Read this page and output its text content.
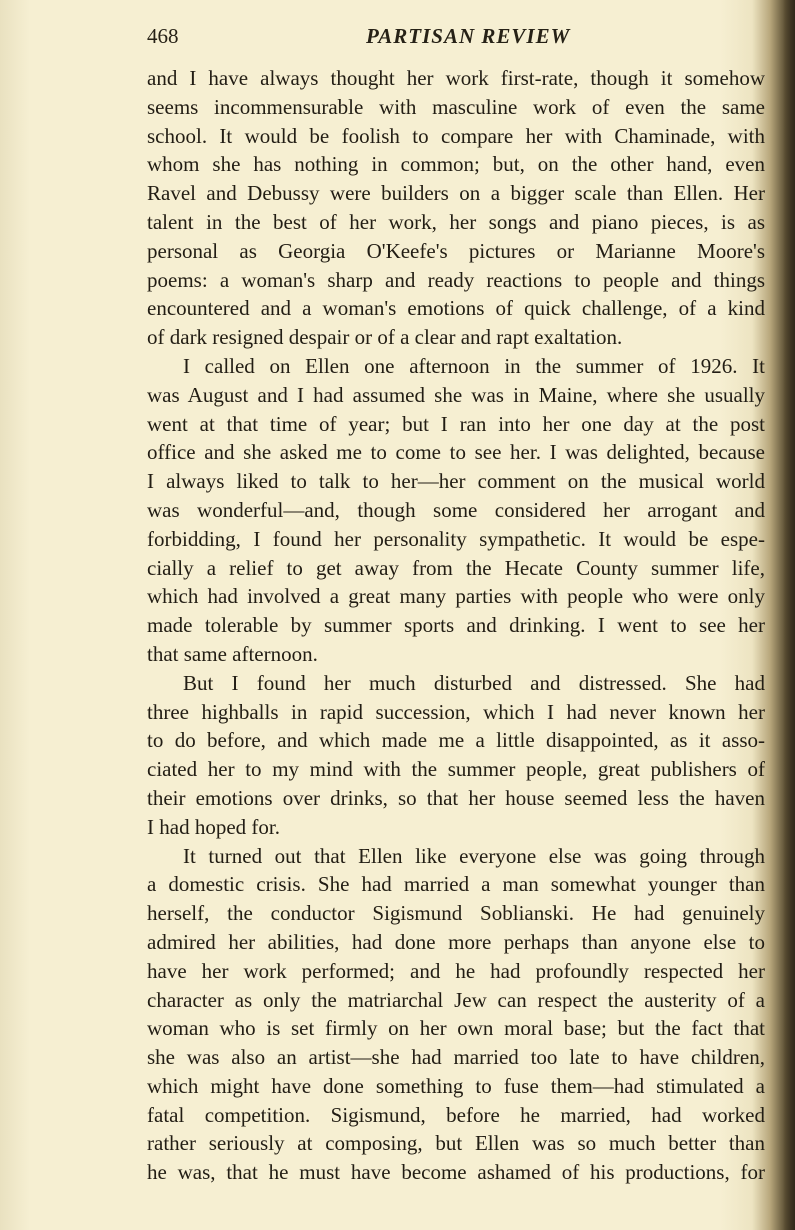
468	PARTISAN REVIEW
and I have always thought her work first-rate, though it somehow
seems incommensurable with masculine work of even the same
school. It would be foolish to compare her with Chaminade, with
whom she has nothing in common; but, on the other hand, even
Ravel and Debussy were builders on a bigger scale than Ellen. Her
talent in the best of her work, her songs and piano pieces, is as
personal as Georgia O'Keefe's pictures or Marianne Moore's
poems: a woman's sharp and ready reactions to people and things
encountered and a woman's emotions of quick challenge, of a kind
of dark resigned despair or of a clear and rapt exaltation.
I called on Ellen one afternoon in the summer of 1926. It
was August and I had assumed she was in Maine, where she usually
went at that time of year; but I ran into her one day at the post
office and she asked me to come to see her. I was delighted, because
I always liked to talk to her—her comment on the musical world
was wonderful—and, though some considered her arrogant and
forbidding, I found her personality sympathetic. It would be espe-
cially a relief to get away from the Hecate County summer life,
which had involved a great many parties with people who were only
made tolerable by summer sports and drinking. I went to see her
that same afternoon.
But I found her much disturbed and distressed. She had
three highballs in rapid succession, which I had never known her
to do before, and which made me a little disappointed, as it asso-
ciated her to my mind with the summer people, great publishers of
their emotions over drinks, so that her house seemed less the haven
I had hoped for.
It turned out that Ellen like everyone else was going through
a domestic crisis. She had married a man somewhat younger than
herself, the conductor Sigismund Soblianski. He had genuinely
admired her abilities, had done more perhaps than anyone else to
have her work performed; and he had profoundly respected her
character as only the matriarchal Jew can respect the austerity of a
woman who is set firmly on her own moral base; but the fact that
she was also an artist—she had married too late to have children,
which might have done something to fuse them—had stimulated a
fatal competition. Sigismund, before he married, had worked
rather seriously at composing, but Ellen was so much better than
he was, that he must have become ashamed of his productions, for
